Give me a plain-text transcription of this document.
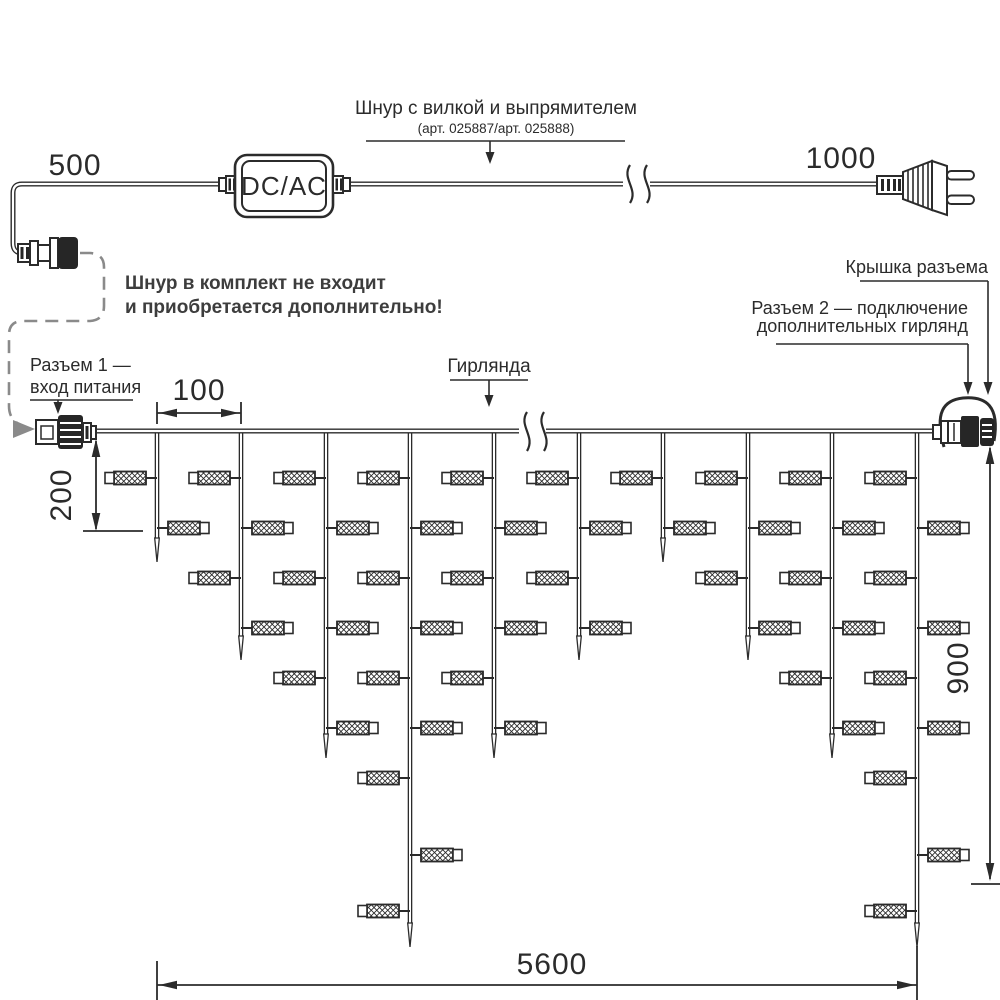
DC/AC
500	1000
100
200
900
5600
Шнур с вилкой и выпрямителем
(арт. 025887/арт. 025888)
Шнур в комплект не входит
и приобретается дополнительно!
Разъем 1 —
вход питания
Крышка разъема
Разъем 2 — подключение
дополнительных гирлянд
Гирлянда
